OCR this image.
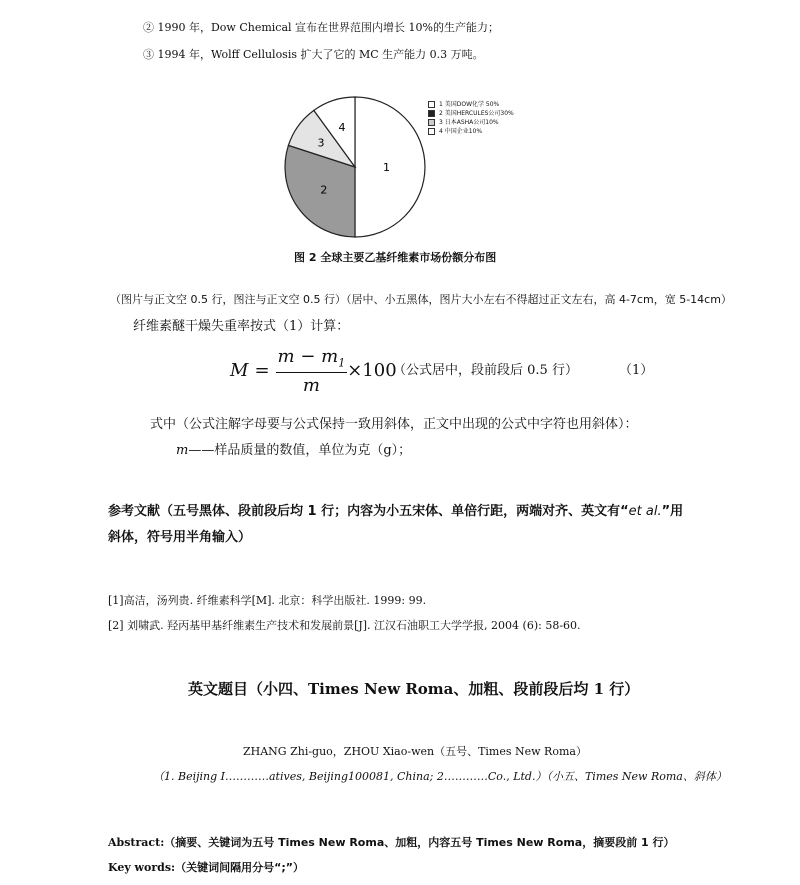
② 1990 年，Dow Chemical 宣布在世界范围内增长 10%的生产能力；
③ 1994 年，Wolff Cellulosis 扩大了它的 MC 生产能力 0.3 万吨。
1
2
3
4
1 美国DOW化学 50%
2 美国HERCULES公司30%
3 日本ASHA公司10%
4 中国企业10%
图 2 全球主要乙基纤维素市场份额分布图
（图片与正文空 0.5 行，图注与正文空 0.5 行）（居中、小五黑体，图片大小左右不得超过正文左右，高 4-7cm，宽 5-14cm）
纤维素醚干燥失重率按式（1）计算：
$M = \frac{m - m_1}{m} \times 100$
（公式居中，段前段后 0.5 行）	（1）
式中（公式注解字母要与公式保持一致用斜体，正文中出现的公式中字符也用斜体）：
m——样品质量的数值，单位为克（g）；
参考文献（五号黑体、段前段后均 1 行；内容为小五宋体、单倍行距，两端对齐、英文有“et al.”用
斜体，符号用半角输入）
[1]高洁，汤列贵. 纤维素科学[M]. 北京：科学出版社. 1999: 99.
[2] 刘啸武. 羟丙基甲基纤维素生产技术和发展前景[J]. 江汉石油职工大学学报, 2004 (6): 58-60.
英文题目（小四、Times New Roma、加粗、段前段后均 1 行）
ZHANG Zhi-guo，ZHOU Xiao-wen（五号、Times New Roma）
（1. Beijing I…………atives, Beijing100081, China; 2…………Co., Ltd.）（小五、Times New Roma、斜体）
Abstract:（摘要、关键词为五号 Times New Roma、加粗，内容五号 Times New Roma，摘要段前 1 行）
Key words:（关键词间隔用分号“;”）
